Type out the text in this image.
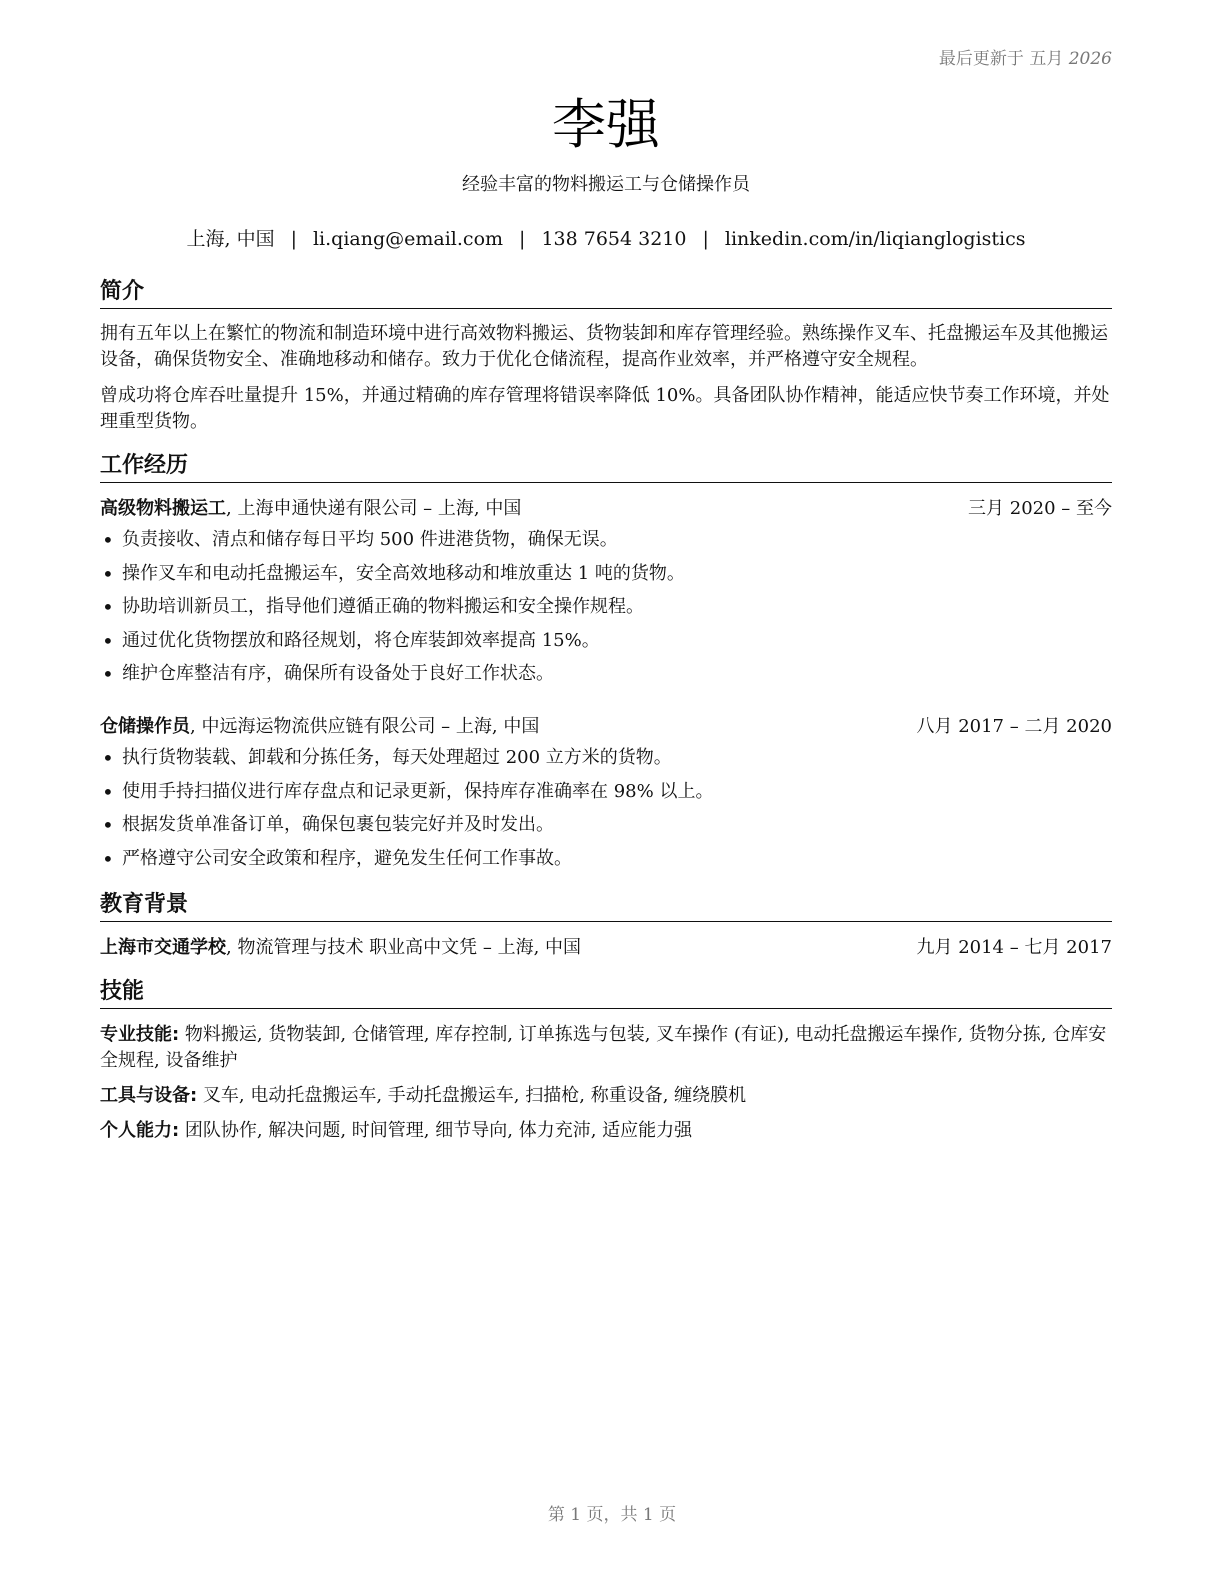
最后更新于 五月 2026
李强
经验丰富的物料搬运工与仓储操作员
上海, 中国 | li.qiang@email.com | 138 7654 3210 | linkedin.com/in/liqianglogistics
简介
拥有五年以上在繁忙的物流和制造环境中进行高效物料搬运、货物装卸和库存管理经验。熟练操作叉车、托盘搬运车及其他搬运设备，确保货物安全、准确地移动和储存。致力于优化仓储流程，提高作业效率，并严格遵守安全规程。
曾成功将仓库吞吐量提升 15%，并通过精确的库存管理将错误率降低 10%。具备团队协作精神，能适应快节奏工作环境，并处理重型货物。
工作经历
高级物料搬运工, 上海申通快递有限公司 – 上海, 中国	三月 2020 – 至今
• 负责接收、清点和储存每日平均 500 件进港货物，确保无误。
• 操作叉车和电动托盘搬运车，安全高效地移动和堆放重达 1 吨的货物。
• 协助培训新员工，指导他们遵循正确的物料搬运和安全操作规程。
• 通过优化货物摆放和路径规划，将仓库装卸效率提高 15%。
• 维护仓库整洁有序，确保所有设备处于良好工作状态。
仓储操作员, 中远海运物流供应链有限公司 – 上海, 中国	八月 2017 – 二月 2020
• 执行货物装载、卸载和分拣任务，每天处理超过 200 立方米的货物。
• 使用手持扫描仪进行库存盘点和记录更新，保持库存准确率在 98% 以上。
• 根据发货单准备订单，确保包裹包装完好并及时发出。
• 严格遵守公司安全政策和程序，避免发生任何工作事故。
教育背景
上海市交通学校, 物流管理与技术 职业高中文凭 – 上海, 中国	九月 2014 – 七月 2017
技能
专业技能: 物料搬运, 货物装卸, 仓储管理, 库存控制, 订单拣选与包装, 叉车操作 (有证), 电动托盘搬运车操作, 货物分拣, 仓库安全规程, 设备维护
工具与设备: 叉车, 电动托盘搬运车, 手动托盘搬运车, 扫描枪, 称重设备, 缠绕膜机
个人能力: 团队协作, 解决问题, 时间管理, 细节导向, 体力充沛, 适应能力强
第 1 页，共 1 页
